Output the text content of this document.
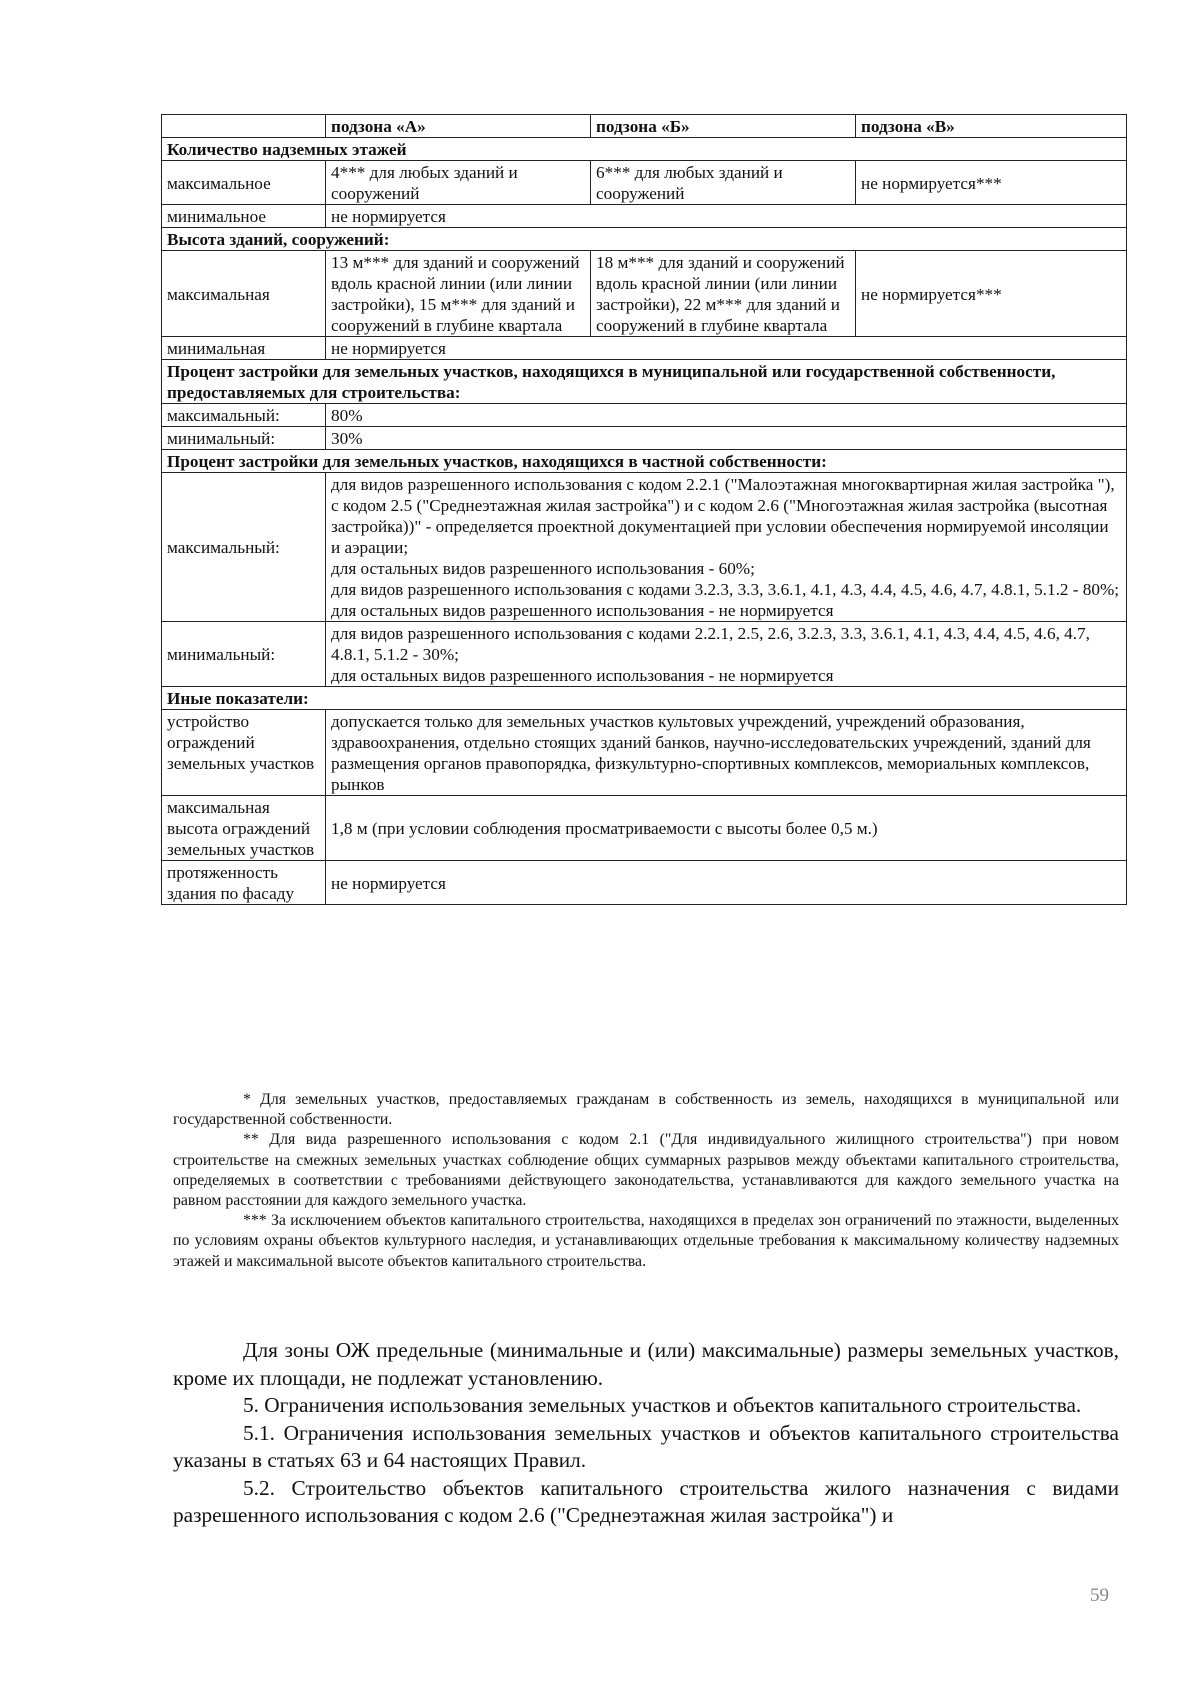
	подзона «А»	подзона «Б»	подзона «В»
Количество надземных этажей			
максимальное	4*** для любых зданий и сооружений	6*** для любых зданий и сооружений	не нормируется***
минимальное	не нормируется		
Высота зданий, сооружений:			
максимальная	13 м*** для зданий и сооружений вдоль красной линии (или линии застройки), 15 м*** для зданий и сооружений в глубине квартала	18 м*** для зданий и сооружений вдоль красной линии (или линии застройки), 22 м*** для зданий и сооружений в глубине квартала	не нормируется***
минимальная	не нормируется		
Процент застройки для земельных участков, находящихся в муниципальной или государственной собственности, предоставляемых для строительства:			
максимальный:	80%		
минимальный:	30%		
Процент застройки для земельных участков, находящихся в частной собственности:			
максимальный:	для видов разрешенного использования с кодом 2.2.1 ("Малоэтажная многоквартирная жилая застройка "), с кодом 2.5 ("Среднеэтажная жилая застройка") и с кодом 2.6 ("Многоэтажная жилая застройка (высотная застройка))" - определяется проектной документацией при условии обеспечения нормируемой инсоляции и аэрации;
для остальных видов разрешенного использования - 60%;
для видов разрешенного использования с кодами 3.2.3, 3.3, 3.6.1, 4.1, 4.3, 4.4, 4.5, 4.6, 4.7, 4.8.1, 5.1.2 - 80%;
для остальных видов разрешенного использования - не нормируется		
минимальный:	для видов разрешенного использования с кодами 2.2.1, 2.5, 2.6, 3.2.3, 3.3, 3.6.1, 4.1, 4.3, 4.4, 4.5, 4.6, 4.7, 4.8.1, 5.1.2 - 30%;
для остальных видов разрешенного использования - не нормируется		
Иные показатели:			
устройство ограждений земельных участков	допускается только для земельных участков культовых учреждений, учреждений образования, здравоохранения, отдельно стоящих зданий банков, научно-исследовательских учреждений, зданий для размещения органов правопорядка, физкультурно-спортивных комплексов, мемориальных комплексов, рынков		
максимальная высота ограждений земельных участков	1,8 м (при условии соблюдения просматриваемости с высоты более 0,5 м.)		
протяженность здания по фасаду	не нормируется		

* Для земельных участков, предоставляемых гражданам в собственность из земель, находящихся в муниципальной или государственной собственности.

** Для вида разрешенного использования с кодом 2.1 ("Для индивидуального жилищного строительства") при новом строительстве на смежных земельных участках соблюдение общих суммарных разрывов между объектами капитального строительства, определяемых в соответствии с требованиями действующего законодательства, устанавливаются для каждого земельного участка на равном расстоянии для каждого земельного участка.

*** За исключением объектов капитального строительства, находящихся в пределах зон ограничений по этажности, выделенных по условиям охраны объектов культурного наследия, и устанавливающих отдельные требования к максимальному количеству надземных этажей и максимальной высоте объектов капитального строительства.

Для зоны ОЖ предельные (минимальные и (или) максимальные) размеры земельных участков, кроме их площади, не подлежат установлению.

5. Ограничения использования земельных участков и объектов капитального строительства.

5.1. Ограничения использования земельных участков и объектов капитального строительства указаны в статьях 63 и 64 настоящих Правил.

5.2. Строительство объектов капитального строительства жилого назначения с видами разрешенного использования с кодом 2.6 ("Среднеэтажная жилая застройка") и

59
